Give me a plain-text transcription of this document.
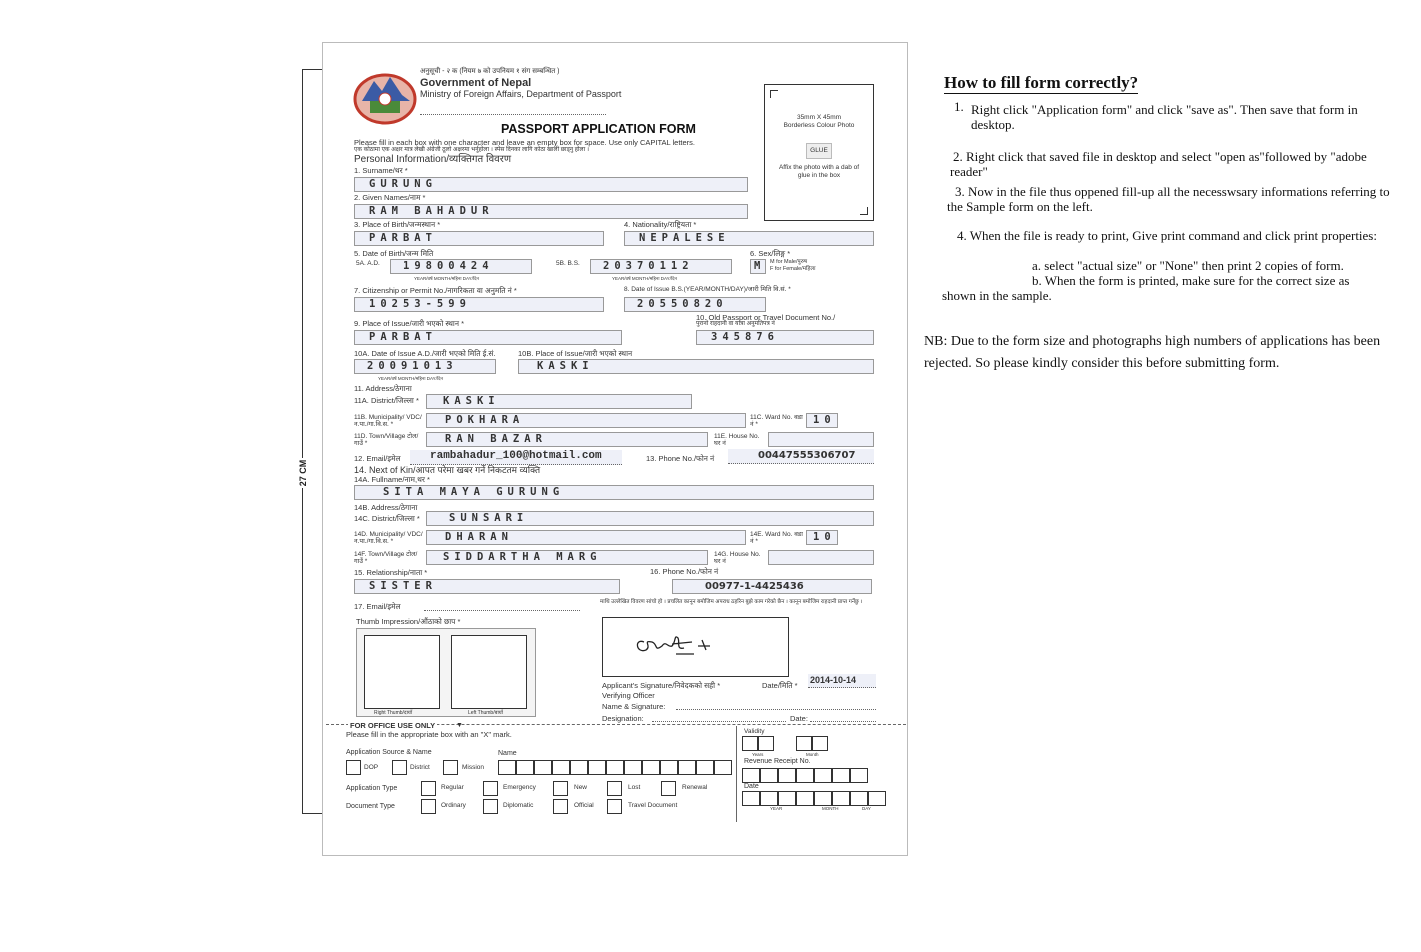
27 CM
अनुसूची - २ क (नियम ७ को उपनियम १ संग सम्बन्धित )
Government of Nepal
Ministry of Foreign Affairs, Department of Passport
PASSPORT APPLICATION FORM
Please fill in each box with one character and leave an empty box for space. Use only CAPITAL letters.
एक कोठामा एक अक्षर मात्र लेखी अंग्रेजी ठूलो अक्षरमा भर्नुहोला । स्पेस दिनका लागि कोठा खाली छाड्नु होला ।
Personal Information/व्यक्तिगत विवरण
35mm X 45mm
Borderless Colour Photo
GLUE
Affix the photo with a dab of glue in the box
1. Surname/थर *
GURUNG
2. Given Names/नाम *
RAM BAHADUR
3. Place of Birth/जन्मस्थान *
PARBAT
4. Nationality/राष्ट्रियता *
NEPALESE
5. Date of Birth/जन्म मिति
5A. A.D.	19800424
YEAR/वर्ष MONTH/महिना DAY/दिन
5B. B.S.	20370112
YEAR/वर्ष MONTH/महिना DAY/दिन
6. Sex/लिङ्ग *
M	M for Male/पुरुष
F for Female/महिला
7. Citizenship or Permit No./नागरिकता वा अनुमति नं *
10253-599
8. Date of Issue B.S.(YEAR/MONTH/DAY)/जारी मिति वि.सं. *
20550820
9. Place of Issue/जारी भएको स्थान *
PARBAT
10. Old Passport or Travel Document No./
पुरानो राहदानी वा यात्रा अनुमतिपत्र नं
345876
10A. Date of Issue A.D./जारी भएको मिति ई.सं.
20091013
YEAR/वर्ष MONTH/महिना DAY/दिन
10B. Place of Issue/जारी भएको स्थान
KASKI
11. Address/ठेगाना
11A. District/जिल्ला *	KASKI
11B. Municipality/ VDC/न.पा./गा.वि.स. *	POKHARA	11C. Ward No. वडा नं *	10
11D. Town/Village टोल/गाउँ *	RAN BAZAR	11E. House No. घर नं
12. Email/इमेल	rambahadur_100@hotmail.com	13. Phone No./फोन नं	00447555306707
14. Next of Kin/आपत परेमा खबर गर्ने निकटतम व्यक्ति
14A. Fullname/नाम,थर *
SITA MAYA GURUNG
14B. Address/ठेगाना
14C. District/जिल्ला *	SUNSARI
14D. Municipality/ VDC/न.पा./गा.वि.स. *	DHARAN	14E. Ward No. वडा नं *	10
14F. Town/Village टोल/गाउँ *	SIDDARTHA MARG	14G. House No. घर नं
15. Relationship/नाता *
SISTER
16. Phone No./फोन नं
00977-1-4425436
17. Email/इमेल	माथि उल्लेखित विवरण सांचो हो । प्रचलित कानून बमोजिम अपराध ठहरिन बुझे काम गरेको छैन । कानून बमोजिम राहदानी प्राप्त गर्नेछु ।
Thumb Impression/औंठाको छाप *
Right Thumb/दायाँ	Left Thumb/बायाँ
Applicant's Signature/निवेदकको सही *	Date/मिति *
2014-10-14
Verifying Officer
Name & Signature:
Designation:	Date:
FOR OFFICE USE ONLY	▼
Please fill in the appropriate box with an "X" mark.
Application Source & Name	Name
DOP	District	Mission
Application Type	Regular	Emergency	New	Lost	Renewal
Document Type	Ordinary	Diplomatic	Official	Travel Document
Validity
Years	Month
Revenue Receipt No.
Date
YEAR	MONTH	DAY
How to fill form correctly?
1. Right click "Application form" and click "save as". Then save that form in desktop.
2. Right click that saved file in desktop and select "open as"followed by "adobe reader"
3. Now in the file thus oppened fill-up all the necesswsary informations referring to the Sample form on the left.
4. When the file is ready to print, Give print command and click print properties:
a. select "actual size" or "None" then print 2 copies of form.
b. When the form is printed, make sure for the correct size as
shown in the sample.
NB: Due to the form size and photographs high numbers of applications has been rejected. So please kindly consider this before submitting form.
